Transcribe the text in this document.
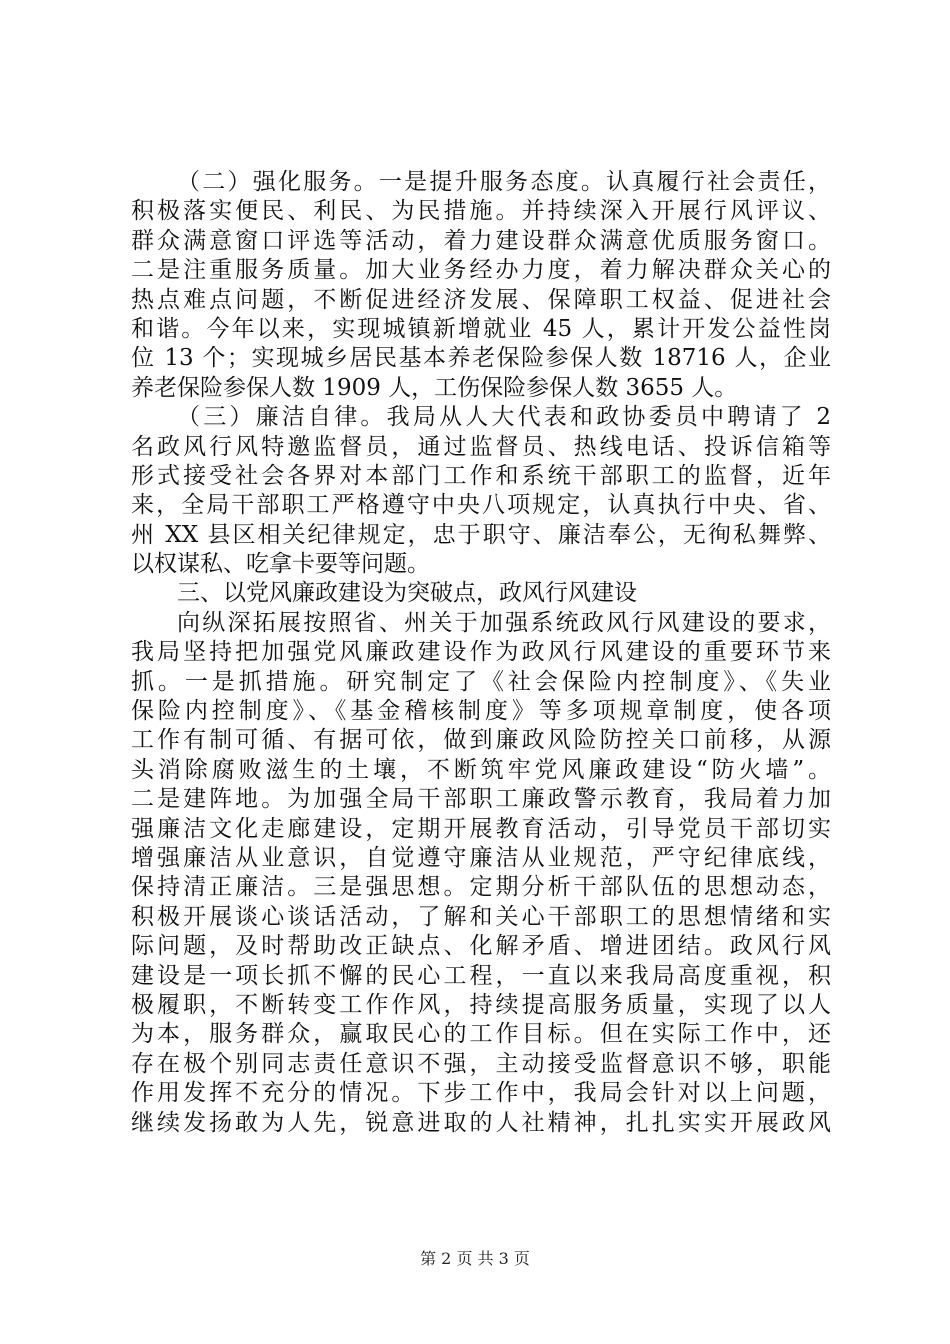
（二）强化服务。一是提升服务态度。认真履行社会责任，
积极落实便民、利民、为民措施。并持续深入开展行风评议、
群众满意窗口评选等活动，着力建设群众满意优质服务窗口。
二是注重服务质量。加大业务经办力度，着力解决群众关心的
热点难点问题，不断促进经济发展、保障职工权益、促进社会
和谐。今年以来，实现城镇新增就业 45 人，累计开发公益性岗
位 13 个；实现城乡居民基本养老保险参保人数 18716 人，企业
养老保险参保人数 1909 人，工伤保险参保人数 3655 人。
（三）廉洁自律。我局从人大代表和政协委员中聘请了 2
名政风行风特邀监督员，通过监督员、热线电话、投诉信箱等
形式接受社会各界对本部门工作和系统干部职工的监督，近年
来，全局干部职工严格遵守中央八项规定，认真执行中央、省、
州 XX 县区相关纪律规定，忠于职守、廉洁奉公，无徇私舞弊、
以权谋私、吃拿卡要等问题。
三、以党风廉政建设为突破点，政风行风建设
向纵深拓展按照省、州关于加强系统政风行风建设的要求，
我局坚持把加强党风廉政建设作为政风行风建设的重要环节来
抓。一是抓措施。研究制定了《社会保险内控制度》、《失业
保险内控制度》、《基金稽核制度》等多项规章制度，使各项
工作有制可循、有据可依，做到廉政风险防控关口前移，从源
头消除腐败滋生的土壤，不断筑牢党风廉政建设“防火墙”。
二是建阵地。为加强全局干部职工廉政警示教育，我局着力加
强廉洁文化走廊建设，定期开展教育活动，引导党员干部切实
增强廉洁从业意识，自觉遵守廉洁从业规范，严守纪律底线，
保持清正廉洁。三是强思想。定期分析干部队伍的思想动态，
积极开展谈心谈话活动，了解和关心干部职工的思想情绪和实
际问题，及时帮助改正缺点、化解矛盾、增进团结。政风行风
建设是一项长抓不懈的民心工程，一直以来我局高度重视，积
极履职，不断转变工作作风，持续提高服务质量，实现了以人
为本，服务群众，赢取民心的工作目标。但在实际工作中，还
存在极个别同志责任意识不强，主动接受监督意识不够，职能
作用发挥不充分的情况。下步工作中，我局会针对以上问题，
继续发扬敢为人先，锐意进取的人社精神，扎扎实实开展政风
第 2 页 共 3 页
